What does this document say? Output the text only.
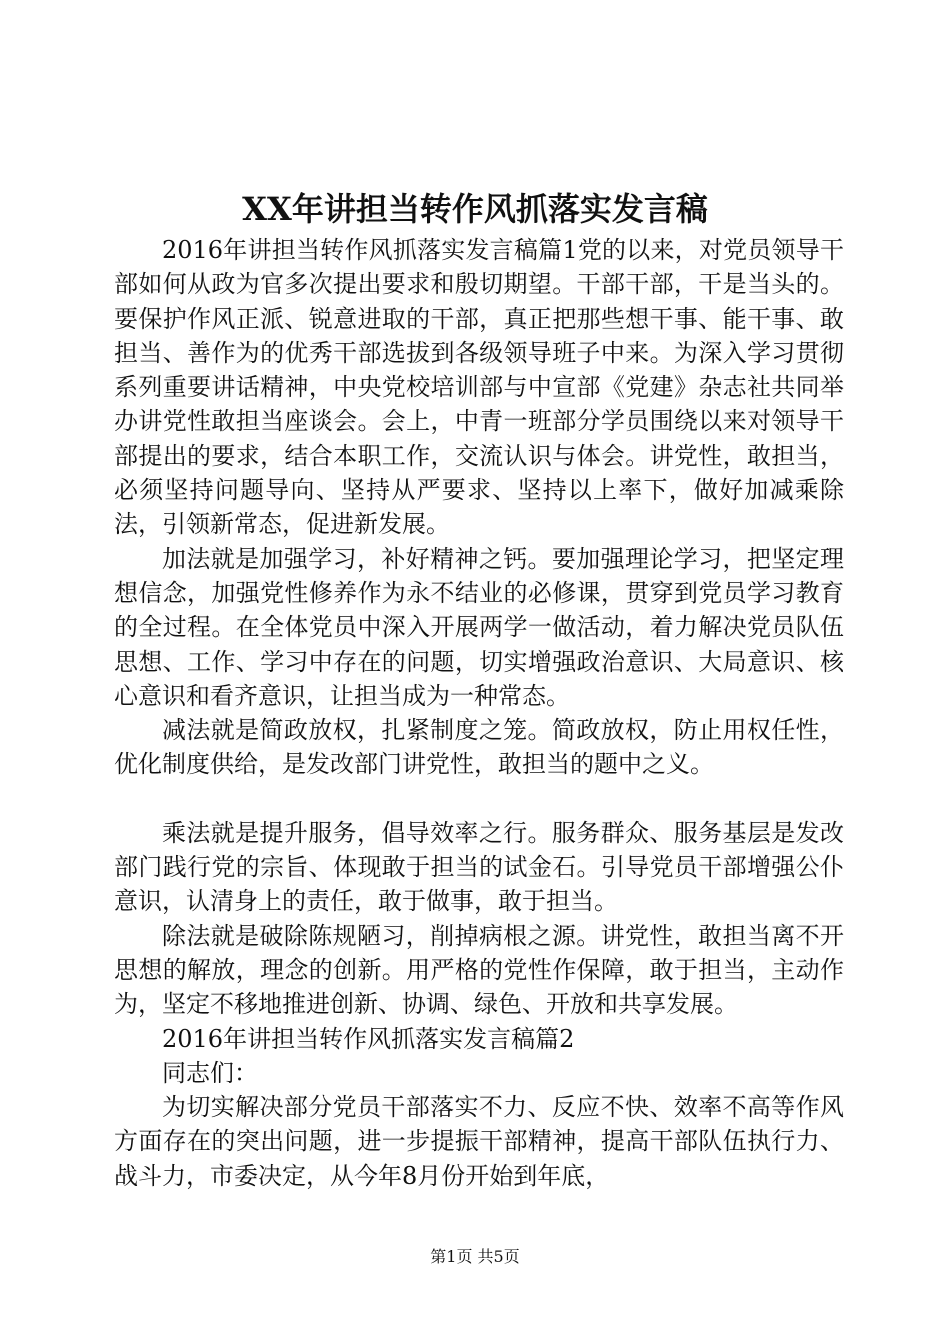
XX年讲担当转作风抓落实发言稿

2016年讲担当转作风抓落实发言稿篇1党的以来，对党员领导干部如何从政为官多次提出要求和殷切期望。干部干部，干是当头的。要保护作风正派、锐意进取的干部，真正把那些想干事、能干事、敢担当、善作为的优秀干部选拔到各级领导班子中来。为深入学习贯彻系列重要讲话精神，中央党校培训部与中宣部《党建》杂志社共同举办讲党性敢担当座谈会。会上，中青一班部分学员围绕以来对领导干部提出的要求，结合本职工作，交流认识与体会。讲党性，敢担当，必须坚持问题导向、坚持从严要求、坚持以上率下，做好加减乘除法，引领新常态，促进新发展。

加法就是加强学习，补好精神之钙。要加强理论学习，把坚定理想信念，加强党性修养作为永不结业的必修课，贯穿到党员学习教育的全过程。在全体党员中深入开展两学一做活动，着力解决党员队伍思想、工作、学习中存在的问题，切实增强政治意识、大局意识、核心意识和看齐意识，让担当成为一种常态。

减法就是简政放权，扎紧制度之笼。简政放权，防止用权任性，优化制度供给，是发改部门讲党性，敢担当的题中之义。

乘法就是提升服务，倡导效率之行。服务群众、服务基层是发改部门践行党的宗旨、体现敢于担当的试金石。引导党员干部增强公仆意识，认清身上的责任，敢于做事，敢于担当。

除法就是破除陈规陋习，削掉病根之源。讲党性，敢担当离不开思想的解放，理念的创新。用严格的党性作保障，敢于担当，主动作为，坚定不移地推进创新、协调、绿色、开放和共享发展。

2016年讲担当转作风抓落实发言稿篇2

同志们：

为切实解决部分党员干部落实不力、反应不快、效率不高等作风方面存在的突出问题，进一步提振干部精神，提高干部队伍执行力、战斗力，市委决定，从今年8月份开始到年底，

第1页 共5页
